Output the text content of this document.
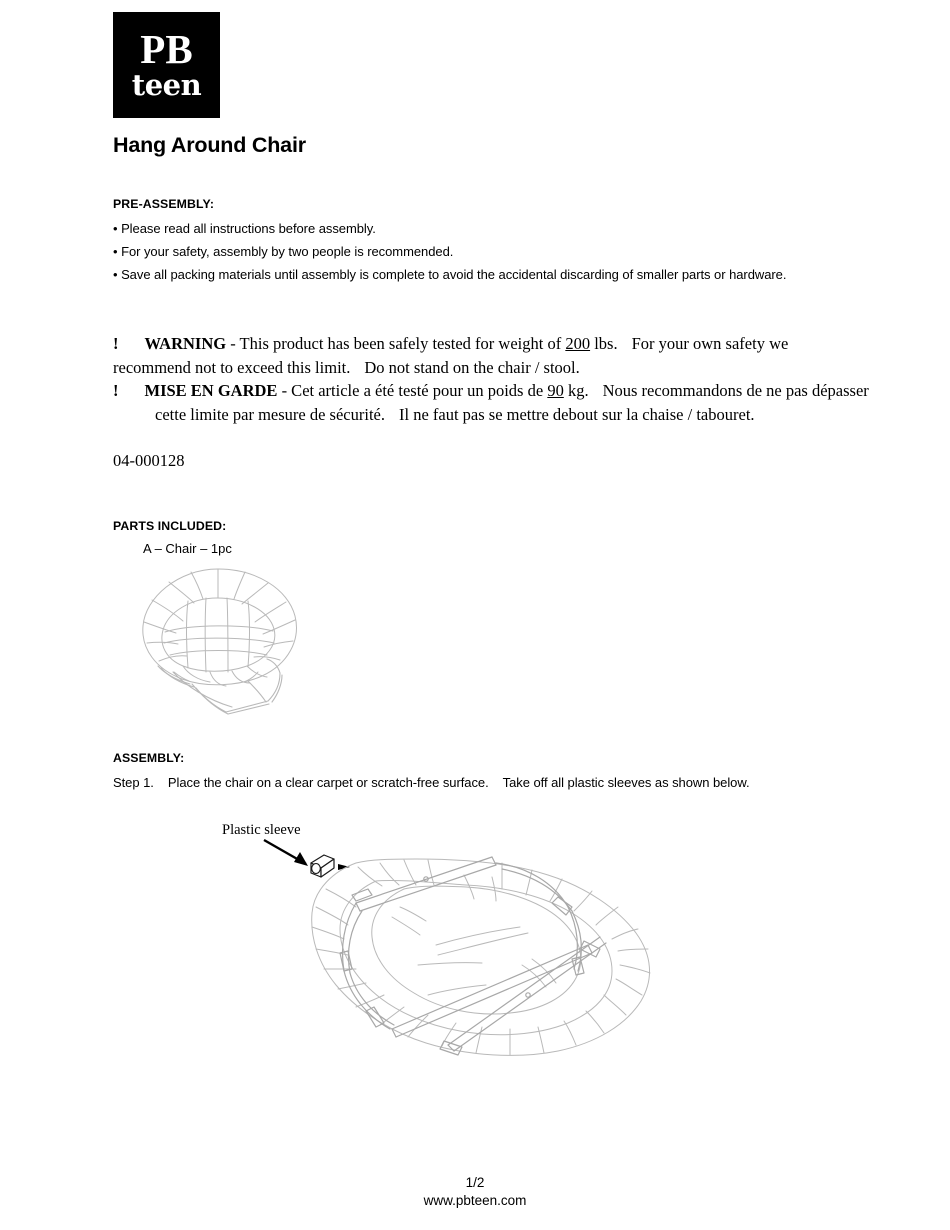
PB
teen
Hang Around Chair
PRE-ASSEMBLY:
• Please read all instructions before assembly.
• For your safety, assembly by two people is recommended.
• Save all packing materials until assembly is complete to avoid the accidental discarding of smaller parts or hardware.
! WARNING - This product has been safely tested for weight of 200 lbs. For your own safety we recommend not to exceed this limit. Do not stand on the chair / stool.
! MISE EN GARDE - Cet article a été testé pour un poids de 90 kg. Nous recommandons de ne pas dépasser cette limite par mesure de sécurité. Il ne faut pas se mettre debout sur la chaise / tabouret.
04-000128
PARTS INCLUDED:
A – Chair – 1pc
ASSEMBLY:
Step 1. Place the chair on a clear carpet or scratch-free surface. Take off all plastic sleeves as shown below.
Plastic sleeve
1/2
www.pbteen.com
